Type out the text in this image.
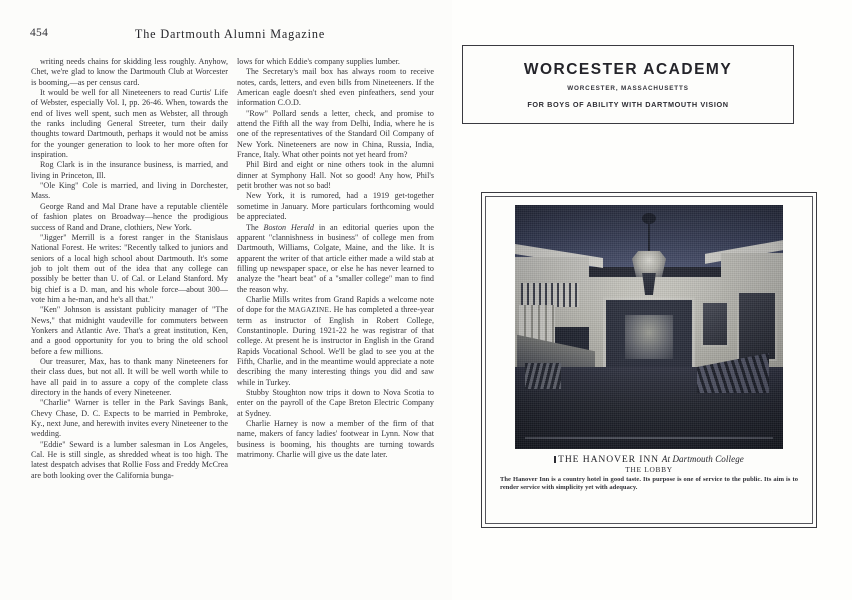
454	The Dartmouth Alumni Magazine

writing needs chains for skidding less roughly. Anyhow, Chet, we're glad to know the Dartmouth Club at Worcester is booming,—as per census card.

It would be well for all Nineteeners to read Curtis' Life of Webster, especially Vol. I, pp. 26-46. When, towards the end of lives well spent, such men as Webster, all through the ranks including General Streeter, turn their daily thoughts toward Dartmouth, perhaps it would not be amiss for the younger generation to look to her more often for inspiration.

Rog Clark is in the insurance business, is married, and living in Princeton, Ill.

"Ole King" Cole is married, and living in Dorchester, Mass.

George Rand and Mal Drane have a reputable clientèle of fashion plates on Broadway—hence the prodigious success of Rand and Drane, clothiers, New York.

"Jigger" Merrill is a forest ranger in the Stanislaus National Forest. He writes: "Recently talked to juniors and seniors of a local high school about Dartmouth. It's some job to jolt them out of the idea that any college can possibly be better than U. of Cal. or Leland Stanford. My big chief is a D. man, and his whole force—about 300—vote him a he-man, and he's all that."

"Ken" Johnson is assistant publicity manager of "The News," that midnight vaudeville for commuters between Yonkers and Atlantic Ave. That's a great institution, Ken, and a good opportunity for you to bring the old school before a few millions.

Our treasurer, Max, has to thank many Nineteeners for their class dues, but not all. It will be well worth while to have all paid in to assure a copy of the complete class directory in the hands of every Nineteener.

"Charlie" Warner is teller in the Park Savings Bank, Chevy Chase, D. C. Expects to be married in Pembroke, Ky., next June, and herewith invites every Nineteener to the wedding.

"Eddie" Seward is a lumber salesman in Los Angeles, Cal. He is still single, as shredded wheat is too high. The latest despatch advises that Rollie Foss and Freddy McCrea are both looking over the California bunga-

lows for which Eddie's company supplies lumber.

The Secretary's mail box has always room to receive notes, cards, letters, and even bills from Nineteeners. If the American eagle doesn't shed even pinfeathers, send your information C.O.D.

"Row" Pollard sends a letter, check, and promise to attend the Fifth all the way from Delhi, India, where he is one of the representatives of the Standard Oil Company of New York. Nineteeners are now in China, Russia, India, France, Italy. What other points not yet heard from?

Phil Bird and eight or nine others took in the alumni dinner at Symphony Hall. Not so good! Any how, Phil's petit brother was not so bad!

New York, it is rumored, had a 1919 get-together sometime in January. More particulars forthcoming would be appreciated.

The Boston Herald in an editorial queries upon the apparent "clannishness in business" of college men from Dartmouth, Williams, Colgate, Maine, and the like. It is apparent the writer of that article either made a wild stab at filling up newspaper space, or else he has never learned to analyze the "heart beat" of a "smaller college" man to find the reason why.

Charlie Mills writes from Grand Rapids a welcome note of dope for the MAGAZINE. He has completed a three-year term as instructor of English in Robert College, Constantinople. During 1921-22 he was registrar of that college. At present he is instructor in English in the Grand Rapids Vocational School. We'll be glad to see you at the Fifth, Charlie, and in the meantime would appreciate a note describing the many interesting things you did and saw while in Turkey.

Stubby Stoughton now trips it down to Nova Scotia to enter on the payroll of the Cape Breton Electric Company at Sydney.

Charlie Harney is now a member of the firm of that name, makers of fancy ladies' footwear in Lynn. Now that business is booming, his thoughts are turning towards matrimony. Charlie will give us the date later.

WORCESTER ACADEMY
WORCESTER, MASSACHUSETTS
FOR BOYS OF ABILITY WITH DARTMOUTH VISION
THE HANOVER INN At Dartmouth College
THE LOBBY
The Hanover Inn is a country hotel in good taste. Its purpose is one of service to the public. Its aim is to render service with simplicity yet with adequacy.
